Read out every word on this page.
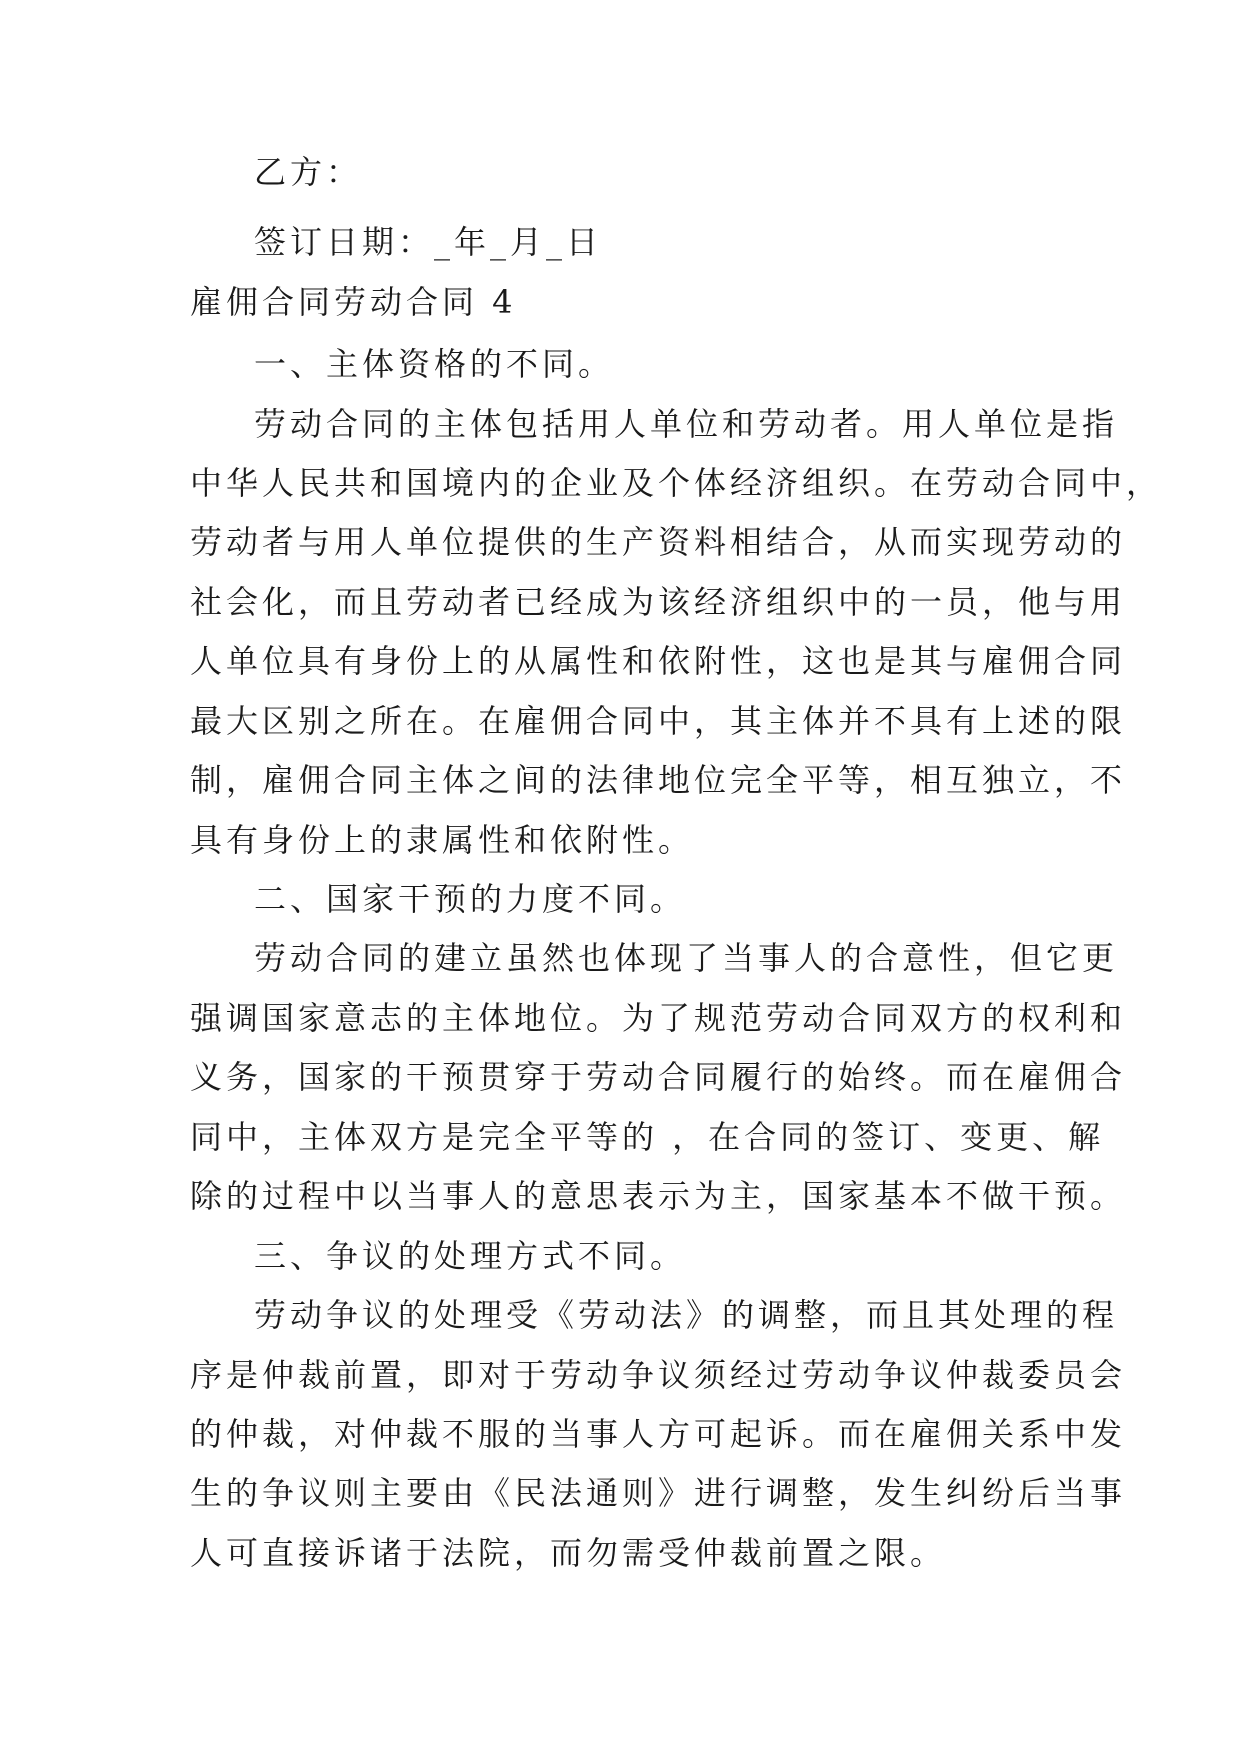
乙方：
签订日期：_年_月_日
雇佣合同劳动合同 4
一、主体资格的不同。
劳动合同的主体包括用人单位和劳动者。用人单位是指
中华人民共和国境内的企业及个体经济组织。在劳动合同中，
劳动者与用人单位提供的生产资料相结合，从而实现劳动的
社会化，而且劳动者已经成为该经济组织中的一员，他与用
人单位具有身份上的从属性和依附性，这也是其与雇佣合同
最大区别之所在。在雇佣合同中，其主体并不具有上述的限
制，雇佣合同主体之间的法律地位完全平等，相互独立，不
具有身份上的隶属性和依附性。
二、国家干预的力度不同。
劳动合同的建立虽然也体现了当事人的合意性，但它更
强调国家意志的主体地位。为了规范劳动合同双方的权利和
义务，国家的干预贯穿于劳动合同履行的始终。而在雇佣合
同中，主体双方是完全平等的 ，在合同的签订、变更、解
除的过程中以当事人的意思表示为主，国家基本不做干预。
三、争议的处理方式不同。
劳动争议的处理受《劳动法》的调整，而且其处理的程
序是仲裁前置，即对于劳动争议须经过劳动争议仲裁委员会
的仲裁，对仲裁不服的当事人方可起诉。而在雇佣关系中发
生的争议则主要由《民法通则》进行调整，发生纠纷后当事
人可直接诉诸于法院，而勿需受仲裁前置之限。
